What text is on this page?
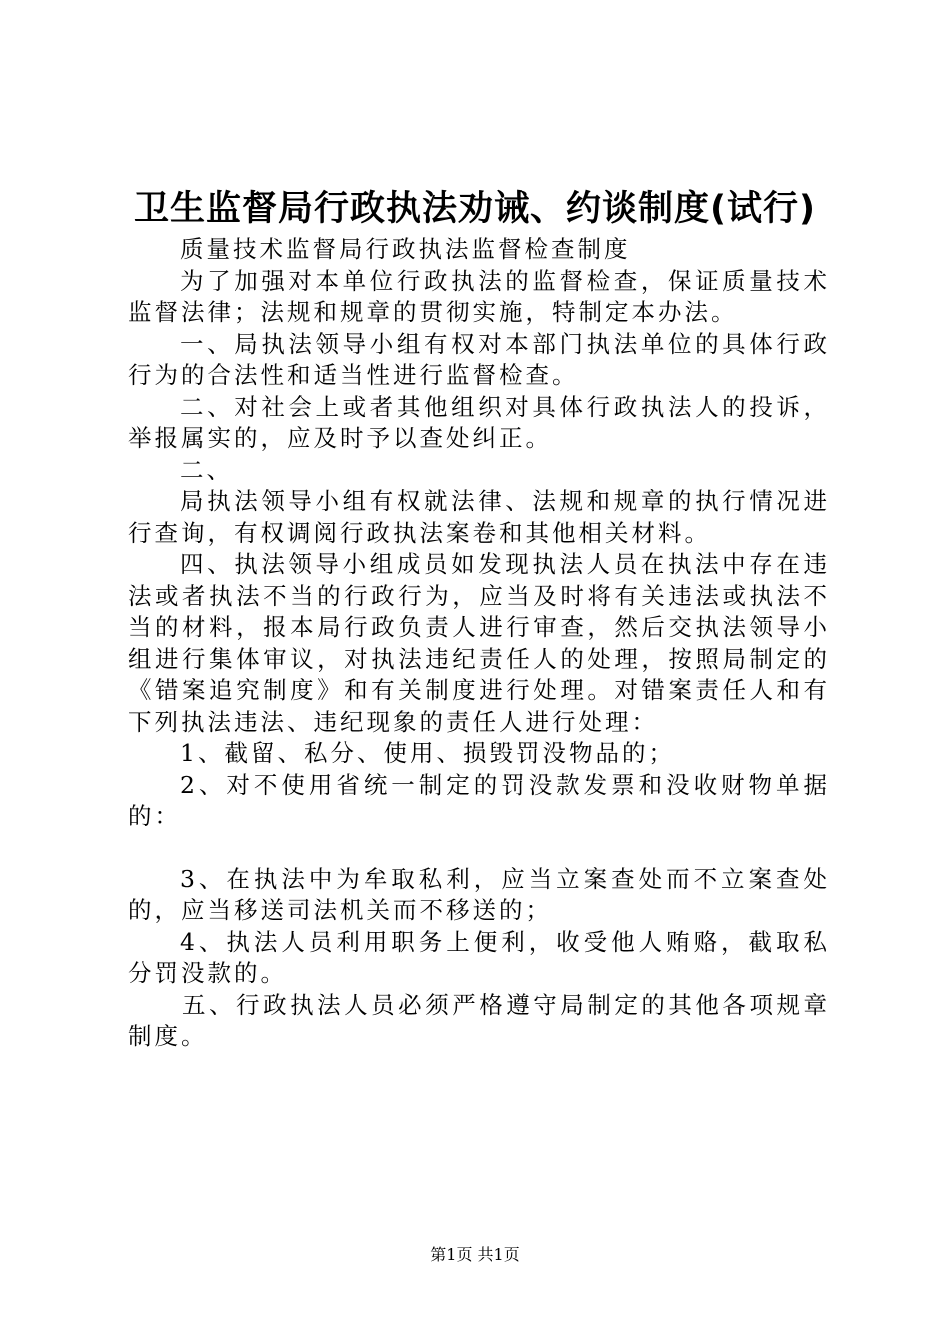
卫生监督局行政执法劝诫、约谈制度(试行)

质量技术监督局行政执法监督检查制度

为了加强对本单位行政执法的监督检查，保证质量技术监督法律；法规和规章的贯彻实施，特制定本办法。

一、局执法领导小组有权对本部门执法单位的具体行政行为的合法性和适当性进行监督检查。

二、对社会上或者其他组织对具体行政执法人的投诉，举报属实的，应及时予以查处纠正。

二、

局执法领导小组有权就法律、法规和规章的执行情况进行查询，有权调阅行政执法案卷和其他相关材料。

四、执法领导小组成员如发现执法人员在执法中存在违法或者执法不当的行政行为，应当及时将有关违法或执法不当的材料，报本局行政负责人进行审查，然后交执法领导小组进行集体审议，对执法违纪责任人的处理，按照局制定的《错案追究制度》和有关制度进行处理。对错案责任人和有下列执法违法、违纪现象的责任人进行处理：

1、截留、私分、使用、损毁罚没物品的；

2、对不使用省统一制定的罚没款发票和没收财物单据的：

3、在执法中为牟取私利，应当立案查处而不立案查处的，应当移送司法机关而不移送的；

4、执法人员利用职务上便利，收受他人贿赂，截取私分罚没款的。

五、行政执法人员必须严格遵守局制定的其他各项规章制度。

第1页 共1页
